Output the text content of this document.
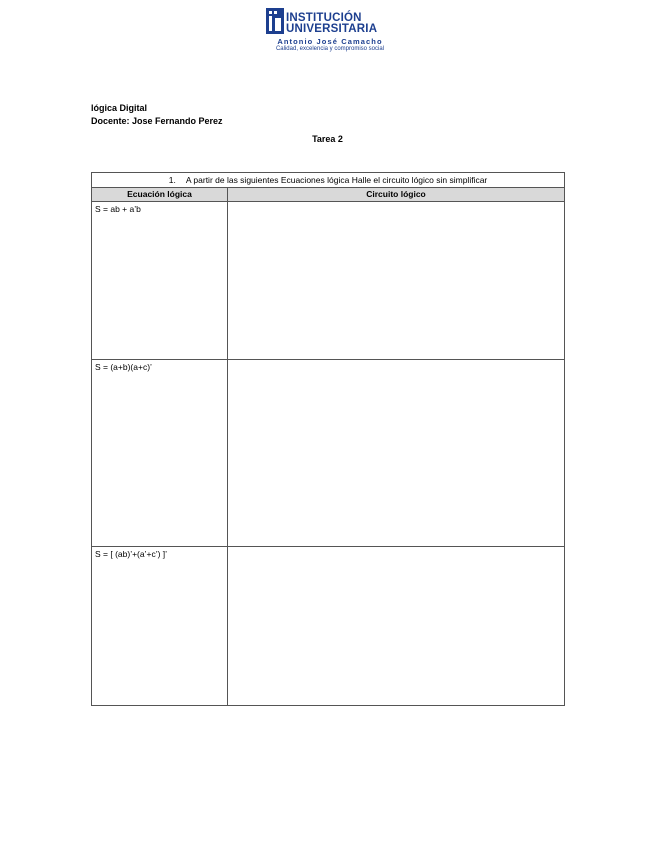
INSTITUCIÓN
UNIVERSITARIA
Antonio José Camacho
Calidad, excelencia y compromiso social
lógica Digital
Docente: Jose Fernando Perez
Tarea 2
1. A partir de las siguientes Ecuaciones lógica Halle el circuito lógico sin simplificar	
Ecuación lógica	Circuito lógico
S = ab + a’b	
S = (a+b)(a+c)’	
S = [ (ab)’+(a’+c’) ]’	
